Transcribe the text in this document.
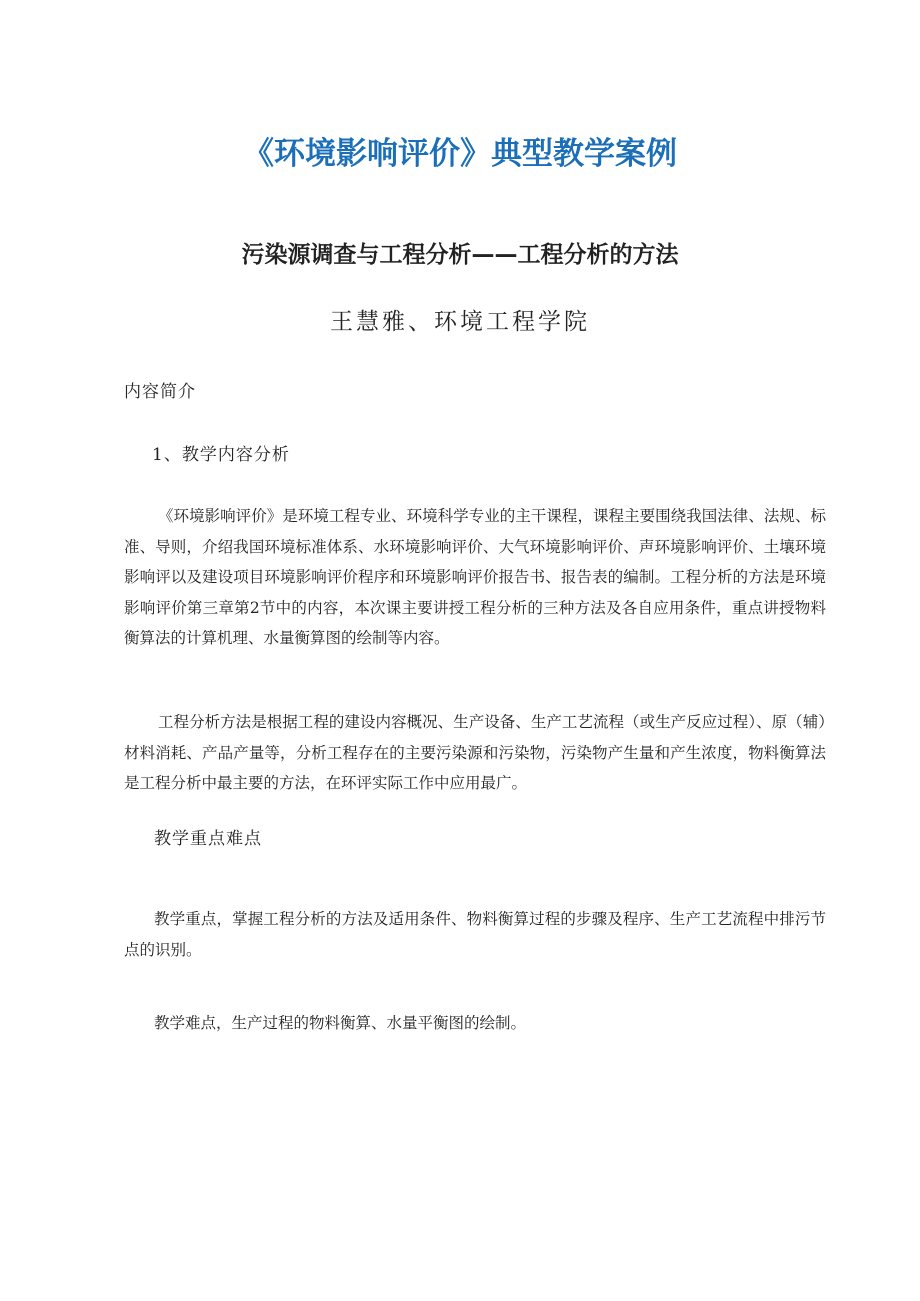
《环境影响评价》典型教学案例
污染源调查与工程分析——工程分析的方法
王慧雅、环境工程学院
内容简介
1、教学内容分析

《环境影响评价》是环境工程专业、环境科学专业的主干课程，课程主要围绕我国法律、法规、标准、导则，介绍我国环境标准体系、水环境影响评价、大气环境影响评价、声环境影响评价、土壤环境影响评以及建设项目环境影响评价程序和环境影响评价报告书、报告表的编制。工程分析的方法是环境影响评价第三章第2节中的内容，本次课主要讲授工程分析的三种方法及各自应用条件，重点讲授物料衡算法的计算机理、水量衡算图的绘制等内容。

工程分析方法是根据工程的建设内容概况、生产设备、生产工艺流程（或生产反应过程）、原（辅）材料消耗、产品产量等，分析工程存在的主要污染源和污染物，污染物产生量和产生浓度，物料衡算法是工程分析中最主要的方法，在环评实际工作中应用最广。

教学重点难点

教学重点，掌握工程分析的方法及适用条件、物料衡算过程的步骤及程序、生产工艺流程中排污节点的识别。

教学难点，生产过程的物料衡算、水量平衡图的绘制。
